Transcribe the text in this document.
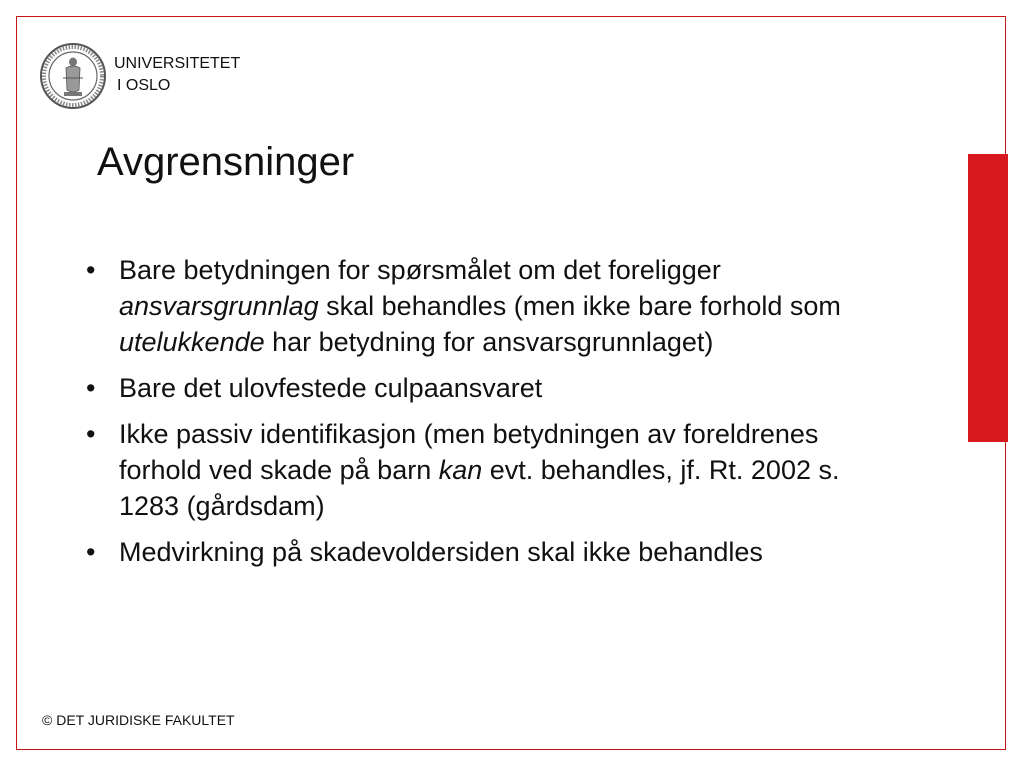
UNIVERSITETET
I OSLO
Avgrensninger
• Bare betydningen for spørsmålet om det foreligger ansvarsgrunnlag skal behandles (men ikke bare forhold som utelukkende har betydning for ansvarsgrunnlaget)
• Bare det ulovfestede culpaansvaret
• Ikke passiv identifikasjon (men betydningen av foreldrenes forhold ved skade på barn kan evt. behandles, jf. Rt. 2002 s. 1283 (gårdsdam)
• Medvirkning på skadevoldersiden skal ikke behandles
© DET JURIDISKE FAKULTET
